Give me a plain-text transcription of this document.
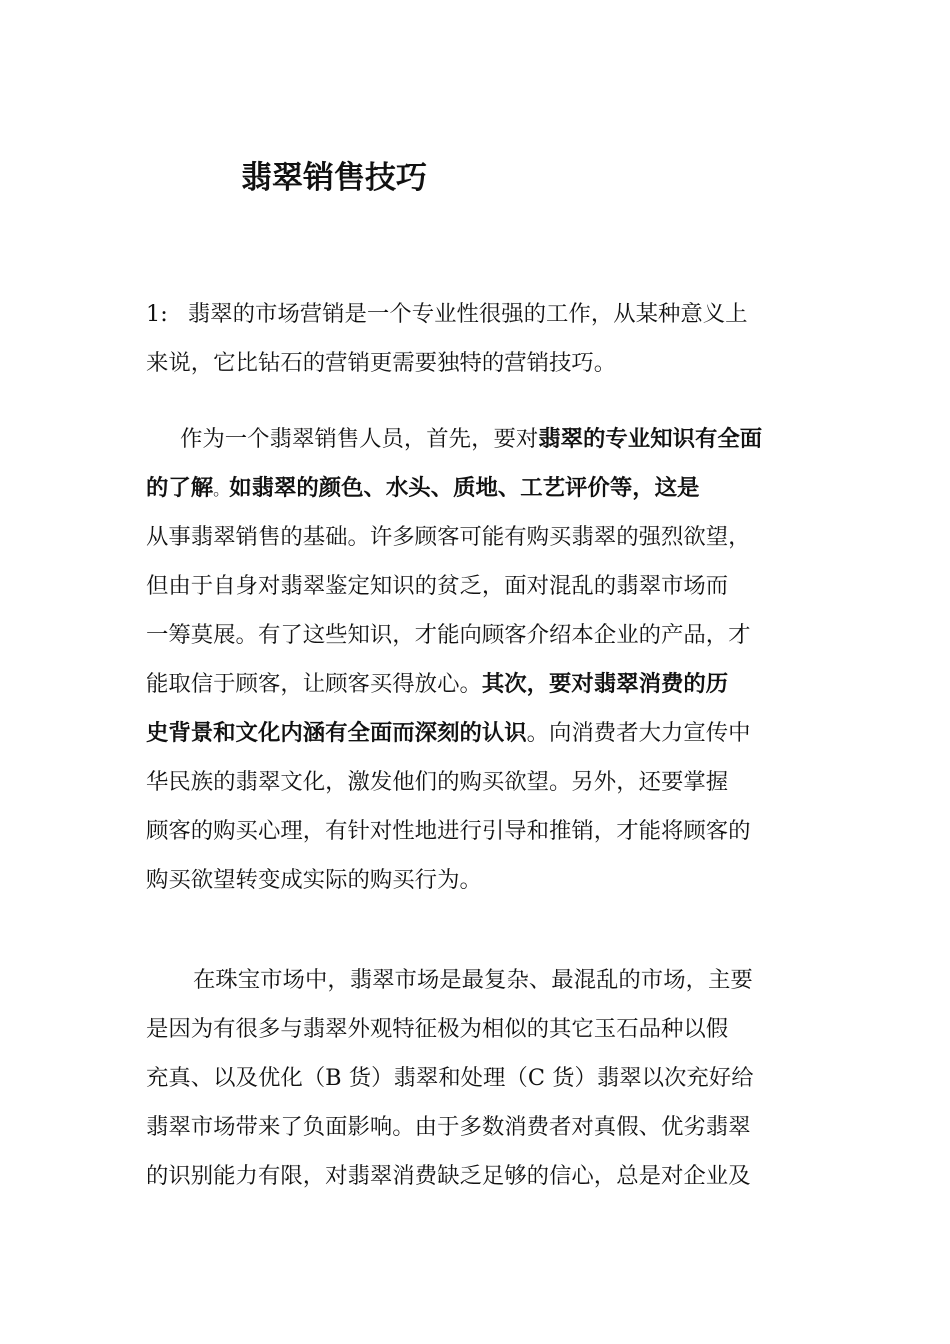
翡翠销售技巧
1: 翡翠的市场营销是一个专业性很强的工作，从某种意义上
来说，它比钻石的营销更需要独特的营销技巧。
作为一个翡翠销售人员，首先，要对翡翠的专业知识有全面
的了解。如翡翠的颜色、水头、质地、工艺评价等，这是
从事翡翠销售的基础。许多顾客可能有购买翡翠的强烈欲望，
但由于自身对翡翠鉴定知识的贫乏，面对混乱的翡翠市场而
一筹莫展。有了这些知识，才能向顾客介绍本企业的产品，才
能取信于顾客，让顾客买得放心。其次，要对翡翠消费的历
史背景和文化内涵有全面而深刻的认识。向消费者大力宣传中
华民族的翡翠文化，激发他们的购买欲望。另外，还要掌握
顾客的购买心理，有针对性地进行引导和推销，才能将顾客的
购买欲望转变成实际的购买行为。
在珠宝市场中，翡翠市场是最复杂、最混乱的市场，主要
是因为有很多与翡翠外观特征极为相似的其它玉石品种以假
充真、以及优化（B 货）翡翠和处理（C 货）翡翠以次充好给
翡翠市场带来了负面影响。由于多数消费者对真假、优劣翡翠
的识别能力有限，对翡翠消费缺乏足够的信心，总是对企业及
